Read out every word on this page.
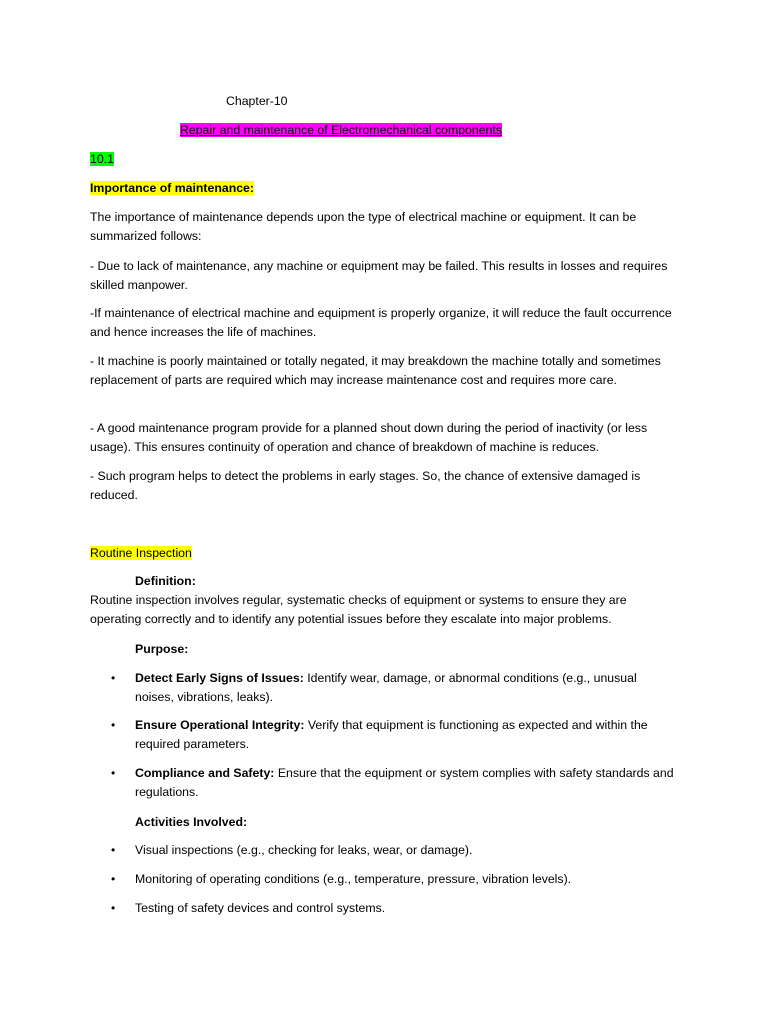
Chapter-10
Repair and maintenance of Electromechanical components
10.1
Importance of maintenance:
The importance of maintenance depends upon the type of electrical machine or equipment. It can be summarized follows:
- Due to lack of maintenance, any machine or equipment may be failed. This results in losses and requires skilled manpower.
-If maintenance of electrical machine and equipment is properly organize, it will reduce the fault occurrence and hence increases the life of machines.
- It machine is poorly maintained or totally negated, it may breakdown the machine totally and sometimes replacement of parts are required which may increase maintenance cost and requires more care.
- A good maintenance program provide for a planned shout down during the period of inactivity (or less usage). This ensures continuity of operation and chance of breakdown of machine is reduces.
- Such program helps to detect the problems in early stages. So, the chance of extensive damaged is reduced.
Routine Inspection
Definition:
Routine inspection involves regular, systematic checks of equipment or systems to ensure they are operating correctly and to identify any potential issues before they escalate into major problems.
Purpose:
• Detect Early Signs of Issues: Identify wear, damage, or abnormal conditions (e.g., unusual noises, vibrations, leaks).
• Ensure Operational Integrity: Verify that equipment is functioning as expected and within the required parameters.
• Compliance and Safety: Ensure that the equipment or system complies with safety standards and regulations.
Activities Involved:
• Visual inspections (e.g., checking for leaks, wear, or damage).
• Monitoring of operating conditions (e.g., temperature, pressure, vibration levels).
• Testing of safety devices and control systems.
